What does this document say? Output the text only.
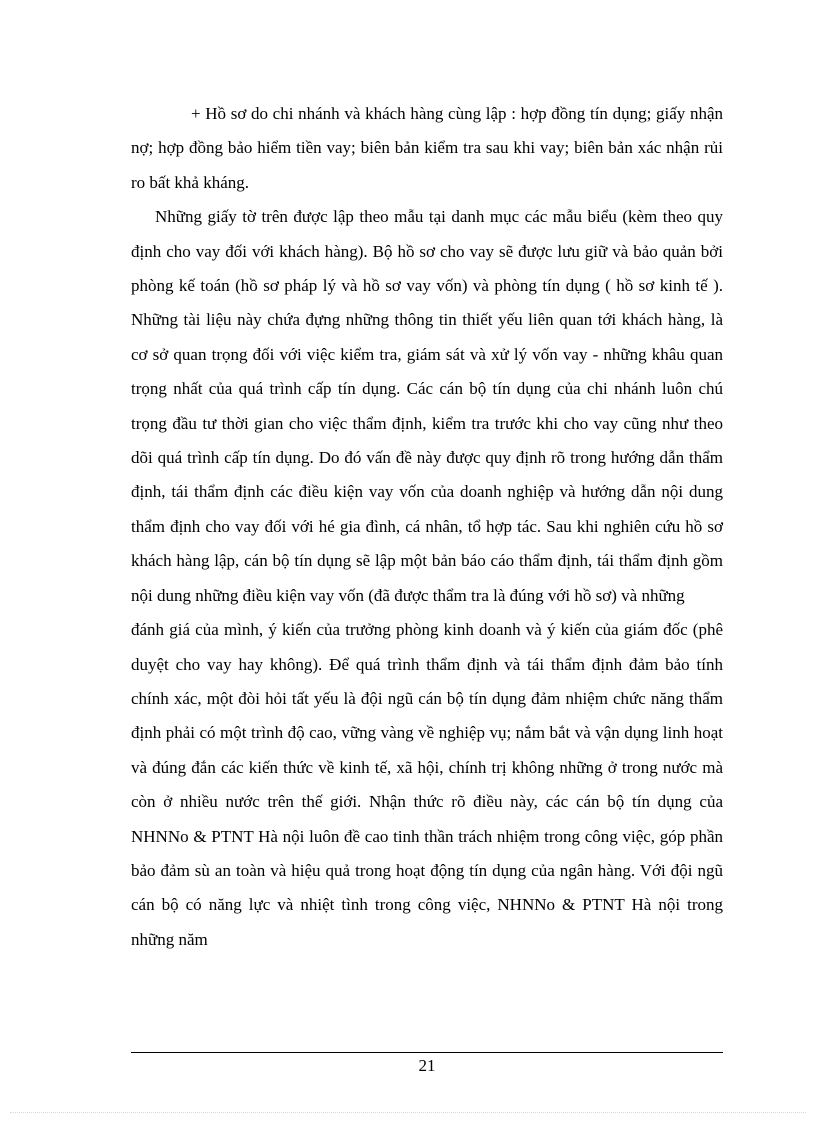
+ Hồ sơ do chi nhánh và khách hàng cùng lập : hợp đồng tín dụng; giấy nhận nợ; hợp đồng bảo hiểm tiền vay; biên bản kiểm tra sau khi vay; biên bản xác nhận rủi ro bất khả kháng.

Những giấy tờ trên được lập theo mẫu tại danh mục các mẫu biểu (kèm theo quy định cho vay đối với khách hàng). Bộ hồ sơ cho vay sẽ được lưu giữ và bảo quản bởi phòng kế toán (hồ sơ pháp lý và hồ sơ vay vốn) và phòng tín dụng ( hồ sơ kinh tế ). Những tài liệu này chứa đựng những thông tin thiết yếu liên quan tới khách hàng, là cơ sở quan trọng đối với việc kiểm tra, giám sát và xử lý vốn vay - những khâu quan trọng nhất của quá trình cấp tín dụng. Các cán bộ tín dụng của chi nhánh luôn chú trọng đầu tư thời gian cho việc thẩm định, kiểm tra trước khi cho vay cũng như theo dõi quá trình cấp tín dụng. Do đó vấn đề này được quy định rõ trong hướng dẫn thẩm định, tái thẩm định các điều kiện vay vốn của doanh nghiệp và hướng dẫn nội dung thẩm định cho vay đối với hé gia đình, cá nhân, tổ hợp tác. Sau khi nghiên cứu hồ sơ khách hàng lập, cán bộ tín dụng sẽ lập một bản báo cáo thẩm định, tái thẩm định gồm nội dung những điều kiện vay vốn (đã được thẩm tra là đúng với hồ sơ) và những

đánh giá của mình, ý kiến của trưởng phòng kinh doanh và ý kiến của giám đốc (phê duyệt cho vay hay không). Để quá trình thẩm định và tái thẩm định đảm bảo tính chính xác, một đòi hỏi tất yếu là đội ngũ cán bộ tín dụng đảm nhiệm chức năng thẩm định phải có một trình độ cao, vững vàng về nghiệp vụ; nắm bắt và vận dụng linh hoạt và đúng đắn các kiến thức về kinh tế, xã hội, chính trị không những ở trong nước mà còn ở nhiều nước trên thế giới. Nhận thức rõ điều này, các cán bộ tín dụng của NHNNo & PTNT Hà nội luôn đề cao tinh thần trách nhiệm trong công việc, góp phần bảo đảm sù an toàn và hiệu quả trong hoạt động tín dụng của ngân hàng. Với đội ngũ cán bộ có năng lực và nhiệt tình trong công việc, NHNNo & PTNT Hà nội trong những năm

21
